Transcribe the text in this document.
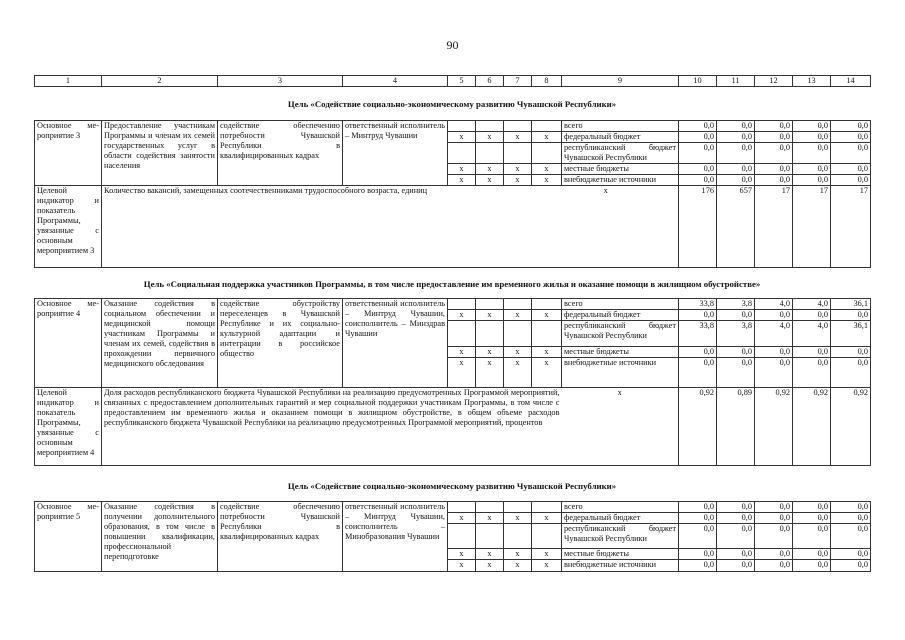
90
1	2	3	4	5	6	7	8	9	10	11	12	13	14
Цель «Содействие социально-экономическому развитию Чувашской Республики»
Основное ме-роприятие 3	Предоставление участникам Программы и членам их семей государственных услуг в области содействия занятости населения	содействие обеспечению потребности Чувашской Республики в квалифицированных кадрах	ответственный исполнитель – Минтруд Чувашии					всего	0,0	0,0	0,0	0,0	0,0
				x	x	x	x	федеральный бюджет	0,0	0,0	0,0	0,0	0,0
								республиканский бюджет Чувашской Республики	0,0	0,0	0,0	0,0	0,0
				x	x	x	x	местные бюджеты	0,0	0,0	0,0	0,0	0,0
				x	x	x	x	внебюджетные источники	0,0	0,0	0,0	0,0	0,0
Целевой индикатор и показатель Программы, увязанные с основным мероприятием 3	Количество вакансий, замещенных соотечественниками трудоспособного возраста, единиц				x				176	657	17	17	17
Цель «Социальная поддержка участников Программы, в том числе предоставление им временного жилья и оказание помощи в жилищном обустройстве»
Основное ме-роприятие 4	Оказание содействия в социальном обеспечении и медицинской помощи участникам Программы и членам их семей, содействия в прохождении первичного медицинского обследования	содействие обустройству переселенцев в Чувашской Республике и их социально-культурной адаптации и интеграции в российское общество	ответственный исполнитель – Минтруд Чувашии, соисполнитель – Минздрав Чувашии					всего	33,8	3,8	4,0	4,0	36,1
				x	x	x	x	федеральный бюджет	0,0	0,0	0,0	0,0	0,0
								республиканский бюджет Чувашской Республики	33,8	3,8	4,0	4,0	36,1
				x	x	x	x	местные бюджеты	0,0	0,0	0,0	0,0	0,0
				x	x	x	x	внебюджетные источники	0,0	0,0	0,0	0,0	0,0
Целевой индикатор и показатель Программы, увязанные с основным мероприятием 4	Доля расходов республиканского бюджета Чувашской Республики на реализацию предусмотренных Программой мероприятий, связанных с предоставлением дополнительных гарантий и мер социальной поддержки участникам Программы, в том числе с предоставлением им временного жилья и оказанием помощи в жилищном обустройстве, в общем объеме расходов республиканского бюджета Чувашской Республики на реализацию предусмотренных Программой мероприятий, процентов							x	0,92	0,89	0,92	0,92	0,92
Цель «Содействие социально-экономическому развитию Чувашской Республики»
Основное ме-роприятие 5	Оказание содействия в получении дополнительного образования, в том числе в повышении квалификации, профессиональной переподготовке	содействие обеспечению потребности Чувашской Республики в квалифицированных кадрах	ответственный исполнитель – Минтруд Чувашии, соисполнитель – Минобразования Чувашии					всего	0,0	0,0	0,0	0,0	0,0
				x	x	x	x	федеральный бюджет	0,0	0,0	0,0	0,0	0,0
								республиканский бюджет Чувашской Республики	0,0	0,0	0,0	0,0	0,0
				x	x	x	x	местные бюджеты	0,0	0,0	0,0	0,0	0,0
				x	x	x	x	внебюджетные источники	0,0	0,0	0,0	0,0	0,0
